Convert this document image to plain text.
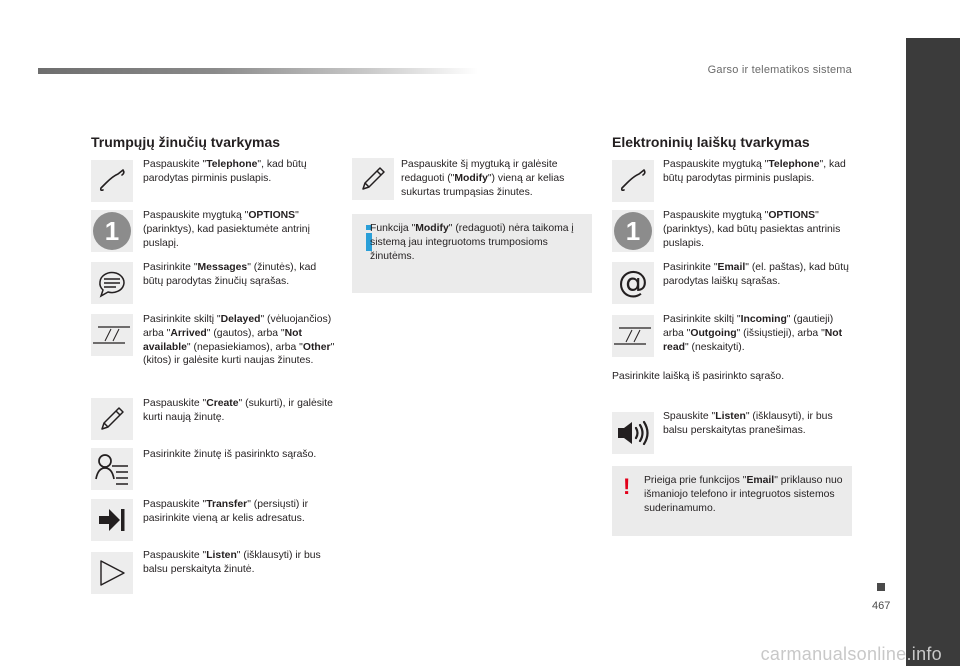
Garso ir telematikos sistema
467
carmanualsonline.info
Trumpųjų žinučių tvarkymas
Paspauskite "Telephone", kad būtų parodytas pirminis puslapis.
1
Paspauskite mygtuką "OPTIONS" (parinktys), kad pasiektumėte antrinį puslapį.
Pasirinkite "Messages" (žinutės), kad būtų parodytas žinučių sąrašas.
Pasirinkite skiltį "Delayed" (vėluojančios) arba "Arrived" (gautos), arba "Not available" (nepasiekiamos), arba "Other" (kitos) ir galėsite kurti naujas žinutes.
Paspauskite "Create" (sukurti), ir galėsite kurti naują žinutę.
Pasirinkite žinutę iš pasirinkto sąrašo.
Paspauskite "Transfer" (persiųsti) ir pasirinkite vieną ar kelis adresatus.
Paspauskite "Listen" (išklausyti) ir bus balsu perskaityta žinutė.
Paspauskite šį mygtuką ir galėsite redaguoti ("Modify") vieną ar kelias sukurtas trumpąsias žinutes.
Funkcija "Modify" (redaguoti) nėra taikoma į sistemą jau integruotoms trumposioms žinutėms.
Elektroninių laiškų tvarkymas
Paspauskite mygtuką "Telephone", kad būtų parodytas pirminis puslapis.
1
Paspauskite mygtuką "OPTIONS" (parinktys), kad būtų pasiektas antrinis puslapis.
@ Pasirinkite "Email" (el. paštas), kad būtų parodytas laiškų sąrašas.
Pasirinkite skiltį "Incoming" (gautieji) arba "Outgoing" (išsiųstieji), arba "Not read" (neskaityti).
Pasirinkite laišką iš pasirinkto sąrašo.
Spauskite "Listen" (išklausyti), ir bus balsu perskaitytas pranešimas.
! Prieiga prie funkcijos "Email" priklauso nuo išmaniojo telefono ir integruotos sistemos suderinamumo.
